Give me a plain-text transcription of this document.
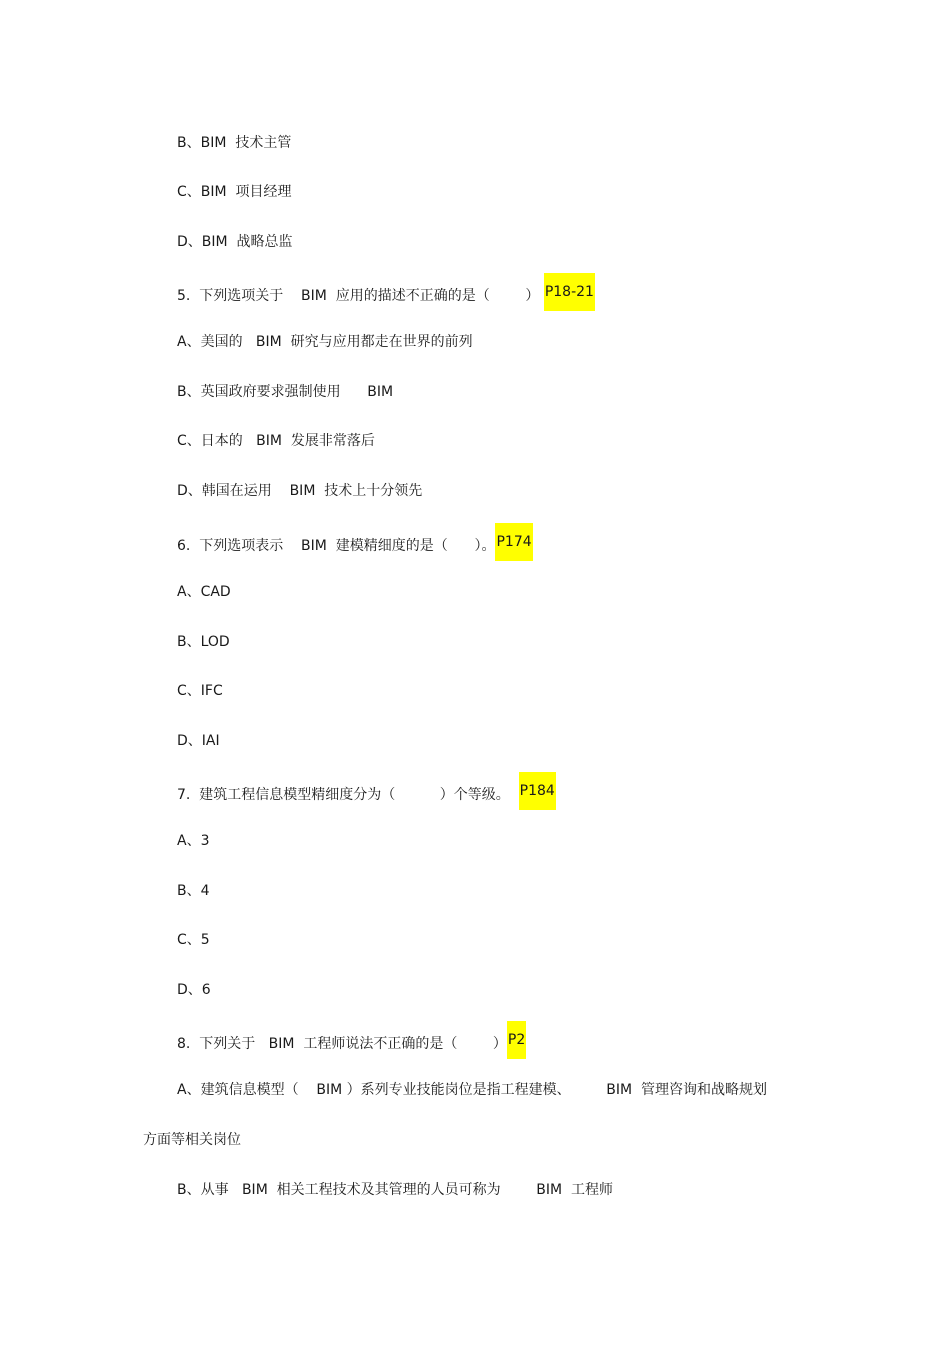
B、BIM  技术主管
C、BIM  项目经理
D、BIM  战略总监
5.  下列选项关于    BIM  应用的描述不正确的是（        ） P18-21
A、美国的   BIM  研究与应用都走在世界的前列
B、英国政府要求强制使用      BIM
C、日本的   BIM  发展非常落后
D、韩国在运用    BIM  技术上十分领先
6.  下列选项表示    BIM  建模精细度的是（      ）。P174
A、CAD
B、LOD
C、IFC
D、IAI
7.  建筑工程信息模型精细度分为（          ）个等级。  P184
A、3
B、4
C、5
D、6
8.  下列关于   BIM  工程师说法不正确的是（        ）P2
A、建筑信息模型（    BIM ）系列专业技能岗位是指工程建模、        BIM  管理咨询和战略规划
方面等相关岗位
B、从事   BIM  相关工程技术及其管理的人员可称为        BIM  工程师
